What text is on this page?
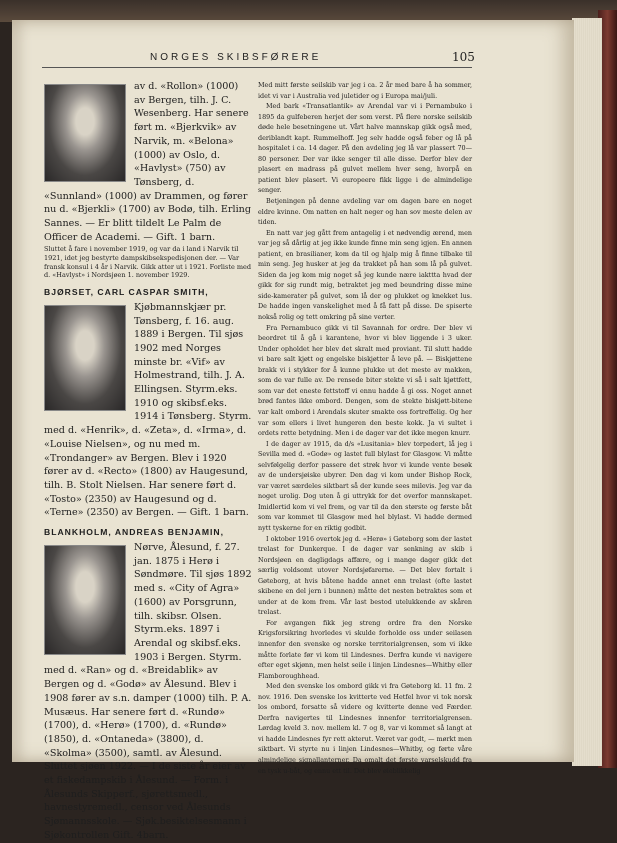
NORGES SKIBSFØRERE	105

av d. «Rollon» (1000) av Bergen, tilh. J. C. Wesenberg. Har senere ført m. «Bjerkvik» av Narvik, m. «Belona» (1000) av Oslo, d. «Havlyst» (750) av Tønsberg, d. «Sunnland» (1000) av Drammen, og fører nu d. «Bjerkli» (1700) av Bodø, tilh. Erling Sannes. — Er blitt tildelt Le Palm de Officer de Academi. — Gift. 1 barn.

Sluttet å fare i november 1919, og var da i land i Narvik til 1921, idet jeg bestyrte dampskibsekspedisjonen der. — Var fransk konsul i 4 år i Narvik. Gikk atter ut i 1921. Forliste med d. «Havlyst» i Nordsjøen 1. november 1929.

BJØRSET, CARL CASPAR SMITH,

Kjøbmannskjær pr. Tønsberg, f. 16. aug. 1889 i Bergen. Til sjøs 1902 med Norges minste br. «Vif» av Holmestrand, tilh. J. A. Ellingsen. Styrm.eks. 1910 og skibsf.eks. 1914 i Tønsberg. Styrm. med d. «Henrik», d. «Zeta», d. «Irma», d. «Louise Nielsen», og nu med m. «Trondanger» av Bergen. Blev i 1920 fører av d. «Recto» (1800) av Haugesund, tilh. B. Stolt Nielsen. Har senere ført d. «Tosto» (2350) av Haugesund og d. «Terne» (2350) av Bergen. — Gift. 1 barn.

BLANKHOLM, ANDREAS BENJAMIN,

Nørve, Ålesund, f. 27. jan. 1875 i Herø i Søndmøre. Til sjøs 1892 med s. «City of Agra» (1600) av Porsgrunn, tilh. skibsr. Olsen. Styrm.eks. 1897 i Arendal og skibsf.eks. 1903 i Bergen. Styrm. med d. «Ran» og d. «Breidablik» av Bergen og d. «Godø» av Ålesund. Blev i 1908 fører av s.n. damper (1000) tilh. P. A. Musæus. Har senere ført d. «Rundø» (1700), d. «Herø» (1700), d. «Rundø» (1850), d. «Ontaneda» (3800), d. «Skolma» (3500), samtl. av Ålesund. Sluttet sjøen 1922. — I de siste år eier av et fiskedampskib i Ålesund. — Form. i Ålesunds Skipperf., sjørettsmedl., havnestyremedl., censor ved Ålesunds Sjømannsskole. — Sjøk.besiktelsesmann i Sjøkontrollen Gift. 4barn.

Med mitt første seilskib var jeg i ca. 2 år med bare å ha sommer, idet vi var i Australia ved juletider og i Europa mai/juli.

Med bark «Transatlantik» av Arendal var vi i Pernambuko i 1895 da gulfeberen herjet der som verst. På flere norske seilskib døde hele besetningene ut. Vårt halve mannskap gikk også med, deriblandt kapt. Rummelhoff. Jeg selv hadde også feber og lå på hospitalet i ca. 14 dager. På den avdeling jeg lå var plassert 70—80 personer. Der var ikke senger til alle disse. Derfor blev der plasert en madrass på gulvet mellem hver seng, hvorpå en patient blev plasert. Vi europeere fikk ligge i de almindelige senger.

Betjeningen på denne avdeling var om dagen bare en noget eldre kvinne. Om natten en halt neger og han sov meste delen av tiden.

En natt var jeg gått frem antagelig i et nødvendig ærend, men var jeg så dårlig at jeg ikke kunde finne min seng igjen. En annen patient, en brasilianer, kom da til og hjalp mig å finne tilbake til min seng. Jeg husker at jeg da trakket på han som lå på gulvet. Siden da jeg kom mig noget så jeg kunde nære iakttta hvad der gikk for sig rundt mig, betraktet jeg med beundring disse mine side-kamerater på gulvet, som lå der og plukket og knekket lus. De hadde ingen vanskelighet med å få fatt på disse. De spiserte nokså rolig og tett omkring på sine verter.

Fra Pernambuco gikk vi til Savannah for ordre. Der blev vi beordret til å gå i karantene, hvor vi blev liggende i 3 uker. Under opholdet her blev det skralt med proviant. Til slutt hadde vi bare salt kjøtt og engelske biskjøtter å leve på. — Biskjøttene brakk vi i stykker for å kunne plukke ut det meste av makken, som de var fulle av. De rensede biter stekte vi så i salt kjøttfett, som var det eneste fettstoff vi ennu hadde å gi oss. Noget annet brød fantes ikke ombord. Dengen, som de stekte biskjøtt-bitene var kalt ombord i Arendals skuter smakte oss fortreffelig. Og her var som ellers i livet hungeren den beste kokk. Ja vi sultet i ordets rette betydning. Men i de dager var det ikke megen knurr.

I de dager av 1915, da d/s «Lusitania» blev torpedert, lå jeg i Sevilla med d. «Godø» og lastet full blylast for Glasgow. Vi måtte selvfølgelig derfor passere det strøk hvor vi kunde vente besøk av de undersjøiske ubyrer. Den dag vi kom under Bishop Rock, var været særdeles siktbart så der kunde sees milevis. Jeg var da noget urolig. Dog uten å gi uttrykk for det overfor mannskapet. Imidlertid kom vi vel frem, og var til da den største og første båt som var kommet til Glasgow med hel blylast. Vi hadde dermed nytt tyskerne for en riktig godbit.

I oktober 1916 overtok jeg d. «Herø» i Gøteborg som der lastet trelast for Dunkerque. I de dager var senkning av skib i Nordsjøen en dagligdags affære, og i mange dager gikk det særlig voldsomt utover Nordsjøfarerne. — Det blev fortalt i Gøteborg, at hvis båtene hadde annet enn trelast (ofte lastet skibene en del jern i bunnen) måtte det nesten betraktes som et under at de kom frem. Vår last bestod utelukkende av skåren trelast.

For avgangen fikk jeg streng ordre fra den Norske Krigsforsikring hvorledes vi skulde forholde oss under seilasen innenfor den svenske og norske territorialgrensen, som vi ikke måtte forlate før vi kom til Lindesnes. Derfra kunde vi navigere efter eget skjønn, men helst seile i linjen Lindesnes—Whitby eller Flamboroughhead.

Med den svenske los ombord gikk vi fra Gøteborg kl. 11 fm. 2 nov. 1916. Den svenske los kvitterte ved Hetfel hvor vi tok norsk los ombord, forsatte så videre og kvitterte denne ved Færder. Derfra navigertes til Lindesnes innenfor territorialgrensen. Lørdag kveld 3. nov. mellem kl. 7 og 8, var vi kommet så langt at vi hadde Lindesnes fyr rett akterut. Været var godt, — mørkt men siktbart. Vi styrte nu i linjen Lindesnes—Whitby, og førte våre almindelige signallanterner. Da omalt det første varselskudd fra en tysk u-båt, og ennu ett til. Det blev øieblikkelig
